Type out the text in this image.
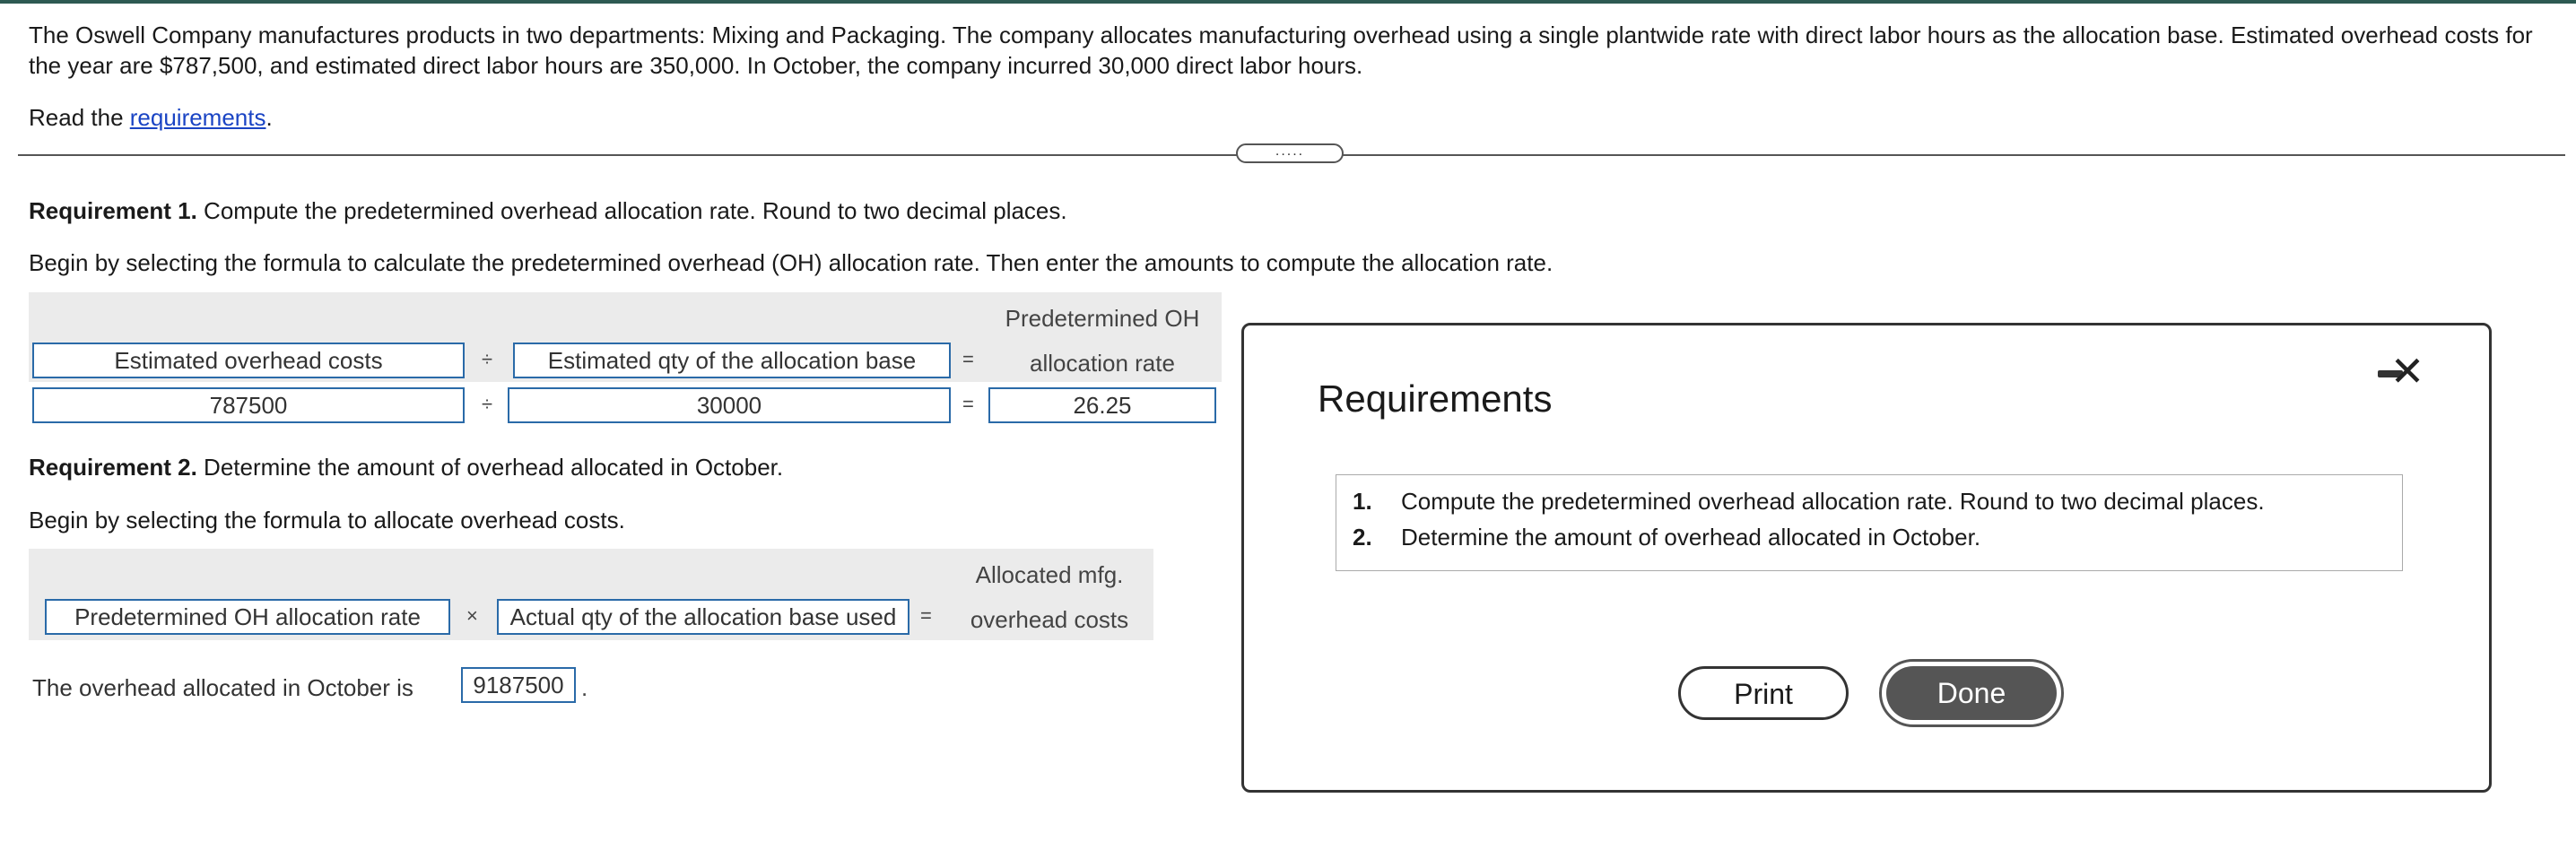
The Oswell Company manufactures products in two departments: Mixing and Packaging. The company allocates manufacturing overhead using a single plantwide rate with direct labor hours as the allocation base. Estimated overhead costs for the year are $787,500, and estimated direct labor hours are 350,000. In October, the company incurred 30,000 direct labor hours.
Read the requirements.
.....
Requirement 1. Compute the predetermined overhead allocation rate. Round to two decimal places.
Begin by selecting the formula to calculate the predetermined overhead (OH) allocation rate. Then enter the amounts to compute the allocation rate.
Predetermined OH
allocation rate
Estimated overhead costs	÷	Estimated qty of the allocation base	=
787500	÷	30000	=	26.25
Requirement 2. Determine the amount of overhead allocated in October.
Begin by selecting the formula to allocate overhead costs.
Allocated mfg.
overhead costs
Predetermined OH allocation rate	×	Actual qty of the allocation base used	=
The overhead allocated in October is	9187500 .
Requirements
✕
1. Compute the predetermined overhead allocation rate. Round to two decimal places.
2. Determine the amount of overhead allocated in October.
Print	Done
